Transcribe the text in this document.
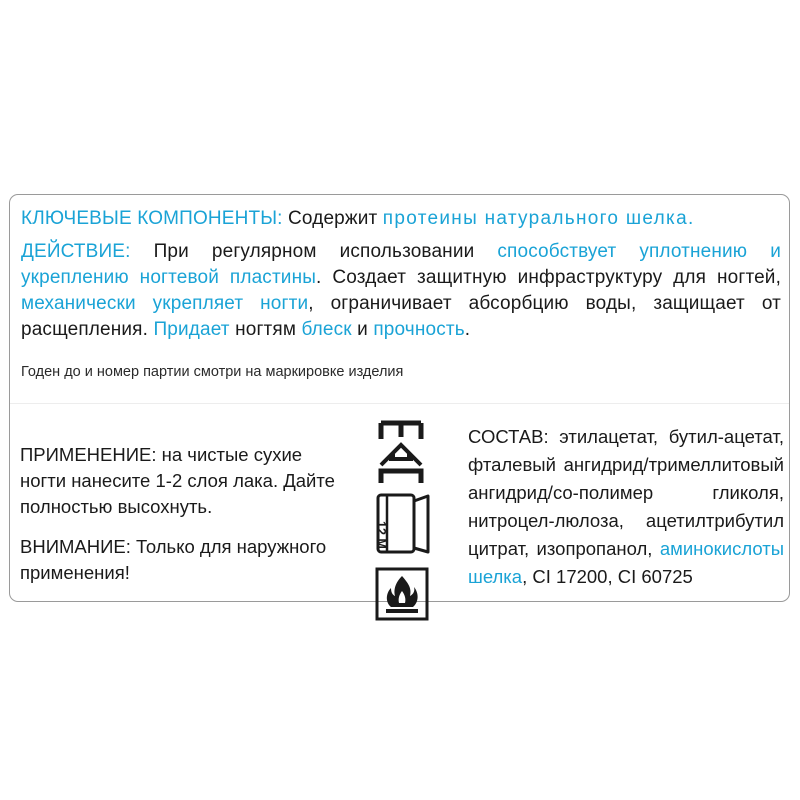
КЛЮЧЕВЫЕ КОМПОНЕНТЫ: Содержит протеины натурального шелка.

ДЕЙСТВИЕ: При регулярном использовании способствует уплотнению и укреплению ногтевой пластины. Создает защитную инфраструктуру для ногтей, механически укрепляет ногти, ограничивает абсорбцию воды, защищает от расщепления. Придает ногтям блеск и прочность.

Годен до и номер партии смотри на маркировке изделия

ПРИМЕНЕНИЕ: на чистые сухие ногти нанесите 1-2 слоя лака. Дайте полностью высохнуть.

ВНИМАНИЕ: Только для наружного применения!

12 M

СОСТАВ: этилацетат, бутил-ацетат, фталевый ангидрид/тримеллитовый ангидрид/со-полимер гликоля, нитроцел-люлоза, ацетилтрибутил цитрат, изопропанол, аминокислоты шелка, CI 17200, CI 60725
